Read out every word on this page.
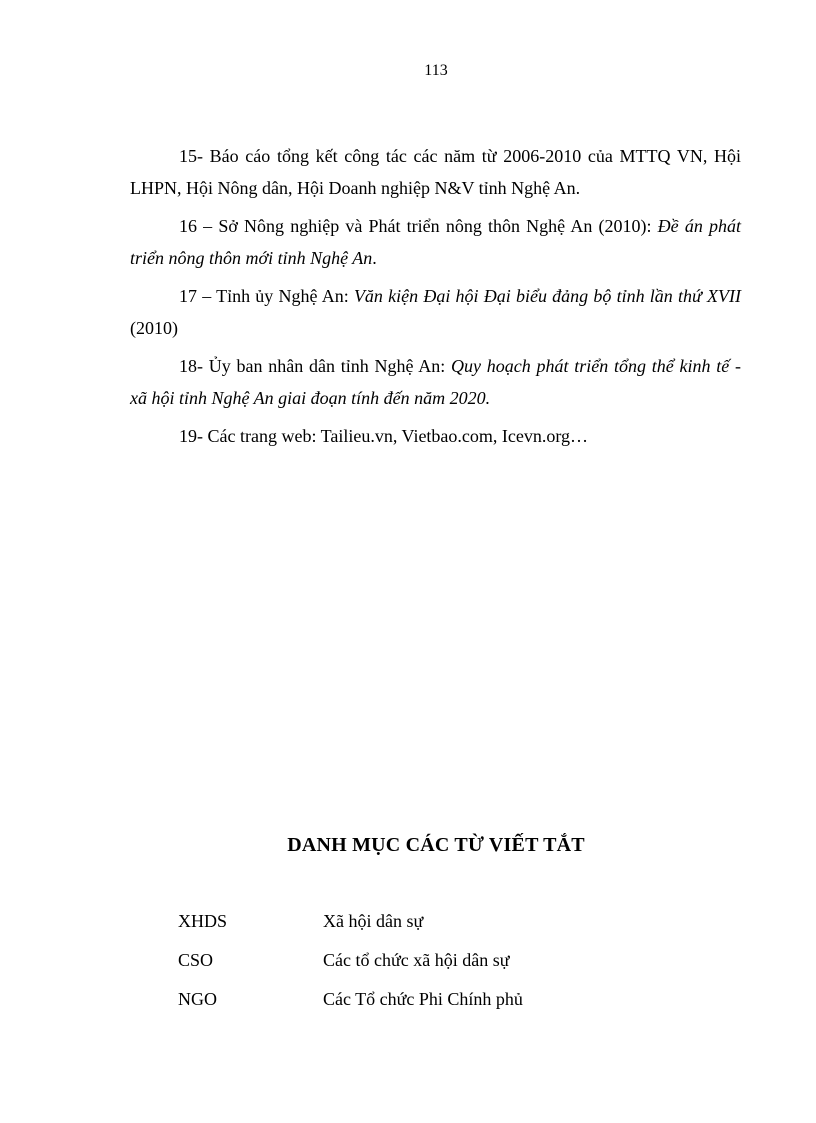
113

15- Báo cáo tổng kết công tác các năm từ 2006-2010 của MTTQ VN, Hội LHPN, Hội Nông dân, Hội Doanh nghiệp N&V tỉnh Nghệ An.

16 – Sở Nông nghiệp và Phát triển nông thôn Nghệ An (2010): Đề án phát triển nông thôn mới tỉnh Nghệ An.

17 – Tỉnh ủy Nghệ An: Văn kiện Đại hội Đại biểu đảng bộ tỉnh lần thứ XVII (2010)

18- Ủy ban nhân dân tỉnh Nghệ An: Quy hoạch phát triển tổng thể kinh tế - xã hội tỉnh Nghệ An giai đoạn tính đến năm 2020.

19- Các trang web: Tailieu.vn, Vietbao.com, Icevn.org…

DANH MỤC CÁC TỪ VIẾT TẮT
XHDS	Xã hội dân sự
CSO	Các tổ chức xã hội dân sự
NGO	Các Tổ chức Phi Chính phủ
